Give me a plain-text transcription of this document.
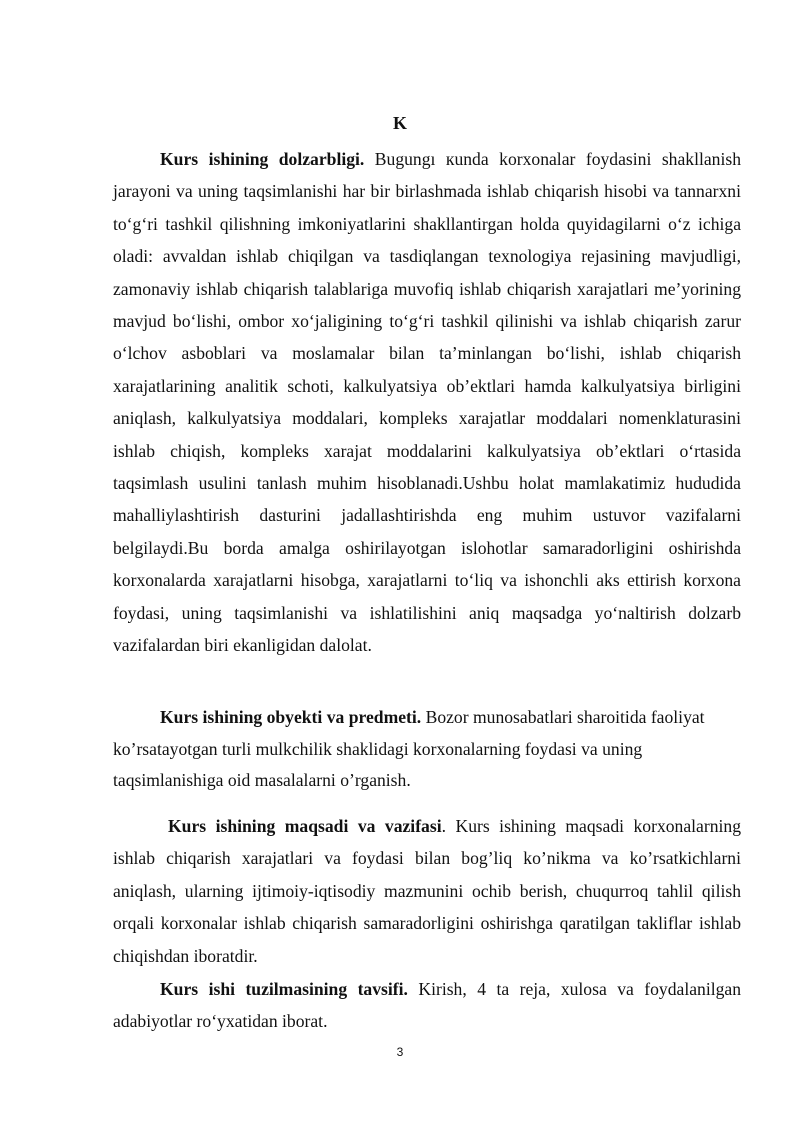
K

Kurs ishining dolzarbligi. Bugungı кunda korxonalar foydasini shakllanish jarayoni va uning taqsimlanishi har bir birlashmada ishlab chiqarish hisobi va tannarxni to‘g‘ri tashkil qilishning imkoniyatlarini shakllantirgan holda quyidagilarni o‘z ichiga oladi: avvaldan ishlab chiqilgan va tasdiqlangan texnologiya rejasining mavjudligi, zamonaviy ishlab chiqarish talablariga muvofiq ishlab chiqarish xarajatlari me’yorining mavjud bo‘lishi, ombor xo‘jaligining to‘g‘ri tashkil qilinishi va ishlab chiqarish zarur o‘lchov asboblari va moslamalar bilan ta’minlangan bo‘lishi, ishlab chiqarish xarajatlarining analitik schoti, kalkulyatsiya ob’ektlari hamda kalkulyatsiya birligini aniqlash, kalkulyatsiya moddalari, kompleks xarajatlar moddalari nomenklaturasini ishlab chiqish, kompleks xarajat moddalarini kalkulyatsiya ob’ektlari o‘rtasida taqsimlash usulini tanlash muhim hisoblanadi.Ushbu holat mamlakatimiz hududida mahalliylashtirish dasturini jadallashtirishda eng muhim ustuvor vazifalarni belgilaydi.Bu borda amalga oshirilayotgan islohotlar samaradorligini oshirishda korxonalarda xarajatlarni hisobga, xarajatlarni to‘liq va ishonchli aks ettirish korxona foydasi, uning taqsimlanishi va ishlatilishini aniq maqsadga yo‘naltirish dolzarb vazifalardan biri ekanligidan dalolat.

Kurs ishining obyekti va predmeti. Bozor munosabatlari sharoitida faoliyat ko’rsatayotgan turli mulkchilik shaklidagi korxonalarning foydasi va uning taqsimlanishiga oid masalalarni o’rganish.

Kurs ishining maqsadi va vazifasi. Kurs ishining maqsadi korxonalarning ishlab chiqarish xarajatlari va foydasi bilan bog’liq ko’nikma va ko’rsatkichlarni aniqlash, ularning ijtimoiy-iqtisodiy mazmunini ochib berish, chuqurroq tahlil qilish orqali korxonalar ishlab chiqarish samaradorligini oshirishga qaratilgan takliflar ishlab chiqishdan iboratdir.

Kurs ishi tuzilmasining tavsifi. Kirish, 4 ta reja, xulosa va foydalanilgan adabiyotlar ro‘yxatidan iborat.

3
